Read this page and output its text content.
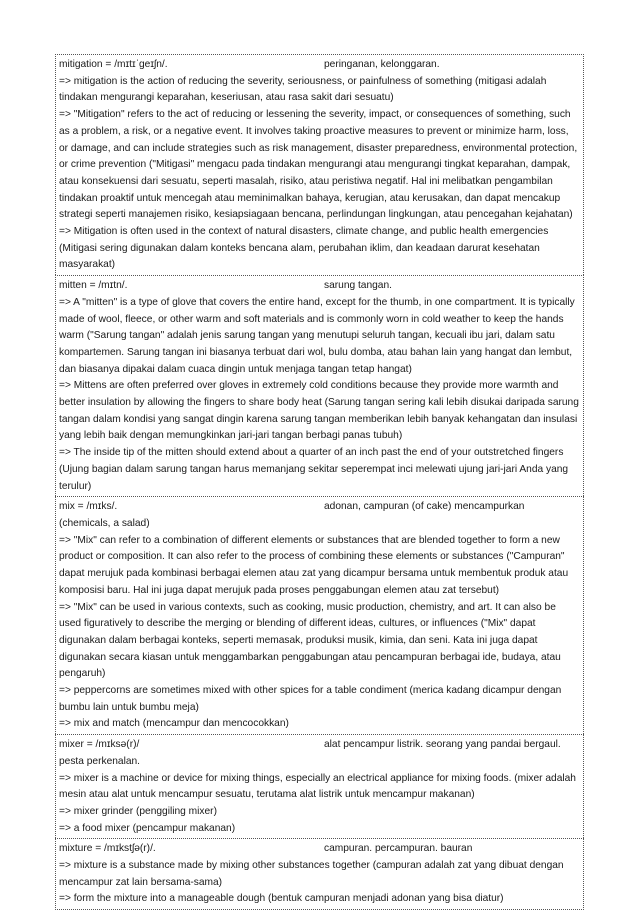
mitigation = /mɪtɪˈɡeɪʃn/.	peringanan, kelonggaran.
=> mitigation is the action of reducing the severity, seriousness, or painfulness of something (mitigasi adalah tindakan mengurangi keparahan, keseriusan, atau rasa sakit dari sesuatu)
=> "Mitigation" refers to the act of reducing or lessening the severity, impact, or consequences of something, such as a problem, a risk, or a negative event. It involves taking proactive measures to prevent or minimize harm, loss, or damage, and can include strategies such as risk management, disaster preparedness, environmental protection, or crime prevention ("Mitigasi" mengacu pada tindakan mengurangi atau mengurangi tingkat keparahan, dampak, atau konsekuensi dari sesuatu, seperti masalah, risiko, atau peristiwa negatif. Hal ini melibatkan pengambilan tindakan proaktif untuk mencegah atau meminimalkan bahaya, kerugian, atau kerusakan, dan dapat mencakup strategi seperti manajemen risiko, kesiapsiagaan bencana, perlindungan lingkungan, atau pencegahan kejahatan)
=> Mitigation is often used in the context of natural disasters, climate change, and public health emergencies (Mitigasi sering digunakan dalam konteks bencana alam, perubahan iklim, dan keadaan darurat kesehatan masyarakat)
mitten = /mɪtn/.	sarung tangan.
=> A "mitten" is a type of glove that covers the entire hand, except for the thumb, in one compartment. It is typically made of wool, fleece, or other warm and soft materials and is commonly worn in cold weather to keep the hands warm ("Sarung tangan" adalah jenis sarung tangan yang menutupi seluruh tangan, kecuali ibu jari, dalam satu kompartemen. Sarung tangan ini biasanya terbuat dari wol, bulu domba, atau bahan lain yang hangat dan lembut, dan biasanya dipakai dalam cuaca dingin untuk menjaga tangan tetap hangat)
=> Mittens are often preferred over gloves in extremely cold conditions because they provide more warmth and better insulation by allowing the fingers to share body heat (Sarung tangan sering kali lebih disukai daripada sarung tangan dalam kondisi yang sangat dingin karena sarung tangan memberikan lebih banyak kehangatan dan insulasi yang lebih baik dengan memungkinkan jari-jari tangan berbagi panas tubuh)
=> The inside tip of the mitten should extend about a quarter of an inch past the end of your outstretched fingers (Ujung bagian dalam sarung tangan harus memanjang sekitar seperempat inci melewati ujung jari-jari Anda yang terulur)
mix = /mɪks/.	adonan, campuran (of cake) mencampurkan
(chemicals, a salad)
=> "Mix" can refer to a combination of different elements or substances that are blended together to form a new product or composition. It can also refer to the process of combining these elements or substances ("Campuran" dapat merujuk pada kombinasi berbagai elemen atau zat yang dicampur bersama untuk membentuk produk atau komposisi baru. Hal ini juga dapat merujuk pada proses penggabungan elemen atau zat tersebut)
=> "Mix" can be used in various contexts, such as cooking, music production, chemistry, and art. It can also be used figuratively to describe the merging or blending of different ideas, cultures, or influences ("Mix" dapat digunakan dalam berbagai konteks, seperti memasak, produksi musik, kimia, dan seni. Kata ini juga dapat digunakan secara kiasan untuk menggambarkan penggabungan atau pencampuran berbagai ide, budaya, atau pengaruh)
=> peppercorns are sometimes mixed with other spices for a table condiment (merica kadang dicampur dengan bumbu lain untuk bumbu meja)
=> mix and match (mencampur dan mencocokkan)
mixer = /mɪksə(r)/	alat pencampur listrik. seorang yang pandai bergaul.
pesta perkenalan.
=> mixer is a machine or device for mixing things, especially an electrical appliance for mixing foods. (mixer adalah mesin atau alat untuk mencampur sesuatu, terutama alat listrik untuk mencampur makanan)
=> mixer grinder (penggiling mixer)
=> a food mixer (pencampur makanan)
mixture = /mɪkstʃə(r)/.	campuran. percampuran. bauran
=> mixture is a substance made by mixing other substances together (campuran adalah zat yang dibuat dengan mencampur zat lain bersama-sama)
=> form the mixture into a manageable dough (bentuk campuran menjadi adonan yang bisa diatur)
